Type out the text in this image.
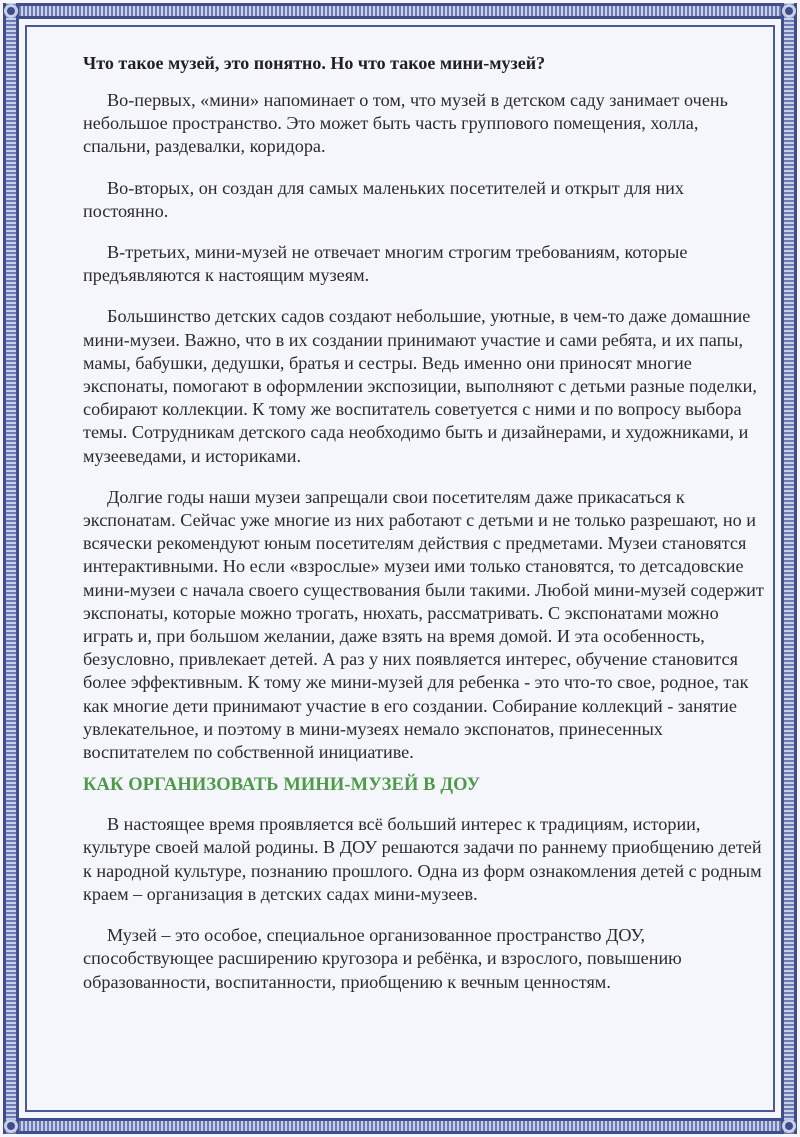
Что такое музей, это понятно. Но что такое мини-музей?

Во-первых, «мини» напоминает о том, что музей в детском саду занимает очень небольшое пространство. Это может быть часть группового помещения, холла, спальни, раздевалки, коридора.

Во-вторых, он создан для самых маленьких посетителей и открыт для них постоянно.

В-третьих, мини-музей не отвечает многим строгим требованиям, которые предъявляются к настоящим музеям.

Большинство детских садов создают небольшие, уютные, в чем-то даже домашние мини-музеи. Важно, что в их создании принимают участие и сами ребята, и их папы, мамы, бабушки, дедушки, братья и сестры. Ведь именно они приносят многие экспонаты, помогают в оформлении экспозиции, выполняют с детьми разные поделки, собирают коллекции. К тому же воспитатель советуется с ними и по вопросу выбора темы. Сотрудникам детского сада необходимо быть и дизайнерами, и художниками, и музееведами, и историками.

Долгие годы наши музеи запрещали свои посетителям даже прикасаться к экспонатам. Сейчас уже многие из них работают с детьми и не только разрешают, но и всячески рекомендуют юным посетителям действия с предметами. Музеи становятся интерактивными. Но если «взрослые» музеи ими только становятся, то детсадовские мини-музеи с начала своего существования были такими. Любой мини-музей содержит экспонаты, которые можно трогать, нюхать, рассматривать. С экспонатами можно играть и, при большом желании, даже взять на время домой. И эта особенность, безусловно, привлекает детей. А раз у них появляется интерес, обучение становится более эффективным. К тому же мини-музей для ребенка - это что-то свое, родное, так как многие дети принимают участие в его создании. Собирание коллекций - занятие увлекательное, и поэтому в мини-музеях немало экспонатов, принесенных воспитателем по собственной инициативе.

КАК ОРГАНИЗОВАТЬ МИНИ-МУЗЕЙ В ДОУ

В настоящее время проявляется всё больший интерес к традициям, истории, культуре своей малой родины. В ДОУ решаются задачи по раннему приобщению детей к народной культуре, познанию прошлого. Одна из форм ознакомления детей с родным краем – организация в детских садах мини-музеев.

Музей – это особое, специальное организованное пространство ДОУ, способствующее расширению кругозора и ребёнка, и взрослого, повышению образованности, воспитанности, приобщению к вечным ценностям.
